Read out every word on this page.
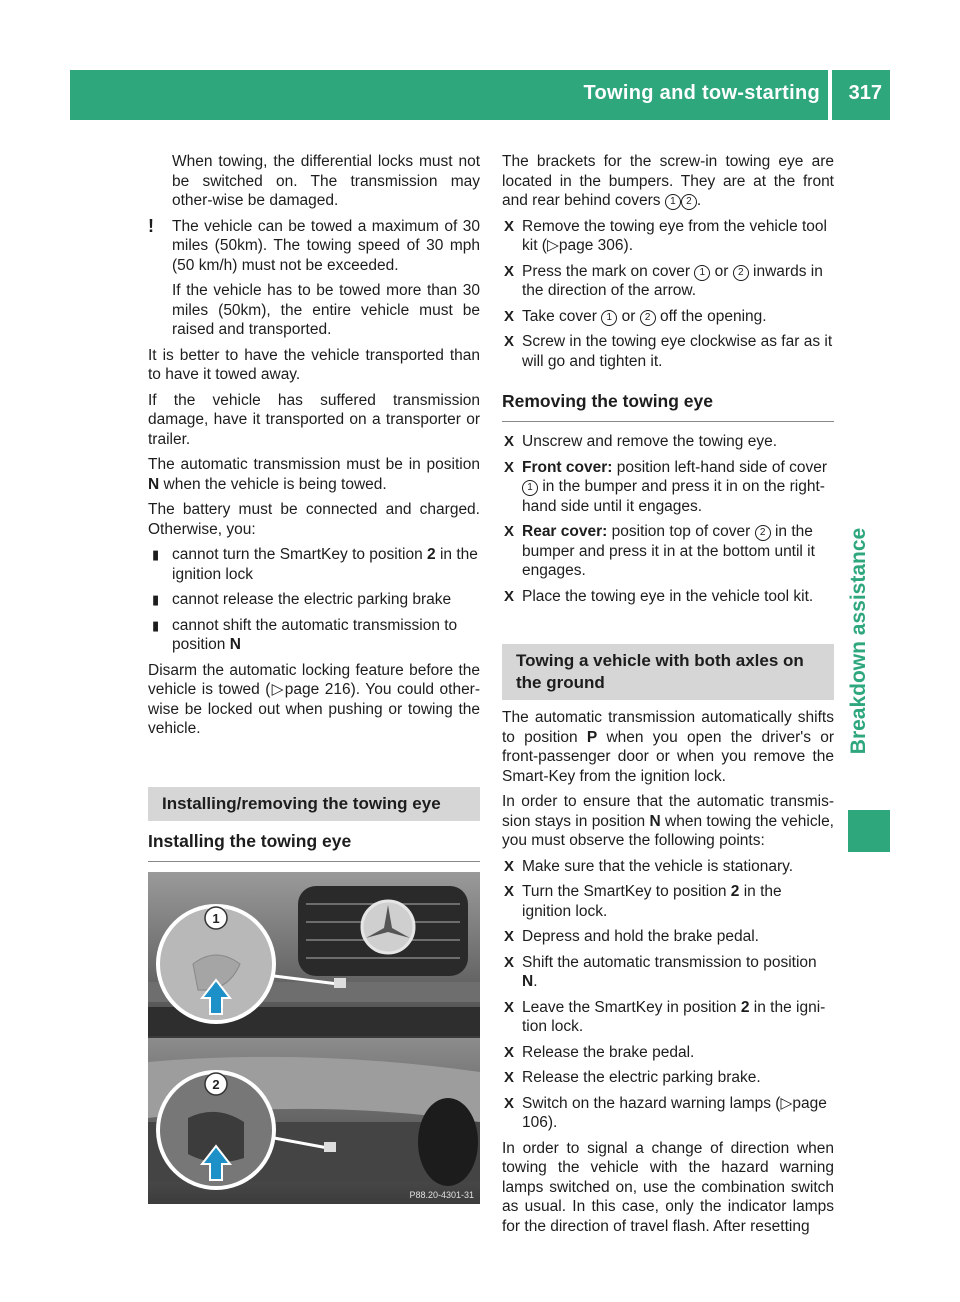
Towing and tow-starting 317
Breakdown assistance

When towing, the differential locks must not be switched on. The transmission may other-wise be damaged.

! The vehicle can be towed a maximum of 30 miles (50km). The towing speed of 30 mph (50 km/h) must not be exceeded.

If the vehicle has to be towed more than 30 miles (50km), the entire vehicle must be raised and transported.

It is better to have the vehicle transported than to have it towed away.

If the vehicle has suffered transmission damage, have it transported on a transporter or trailer.

The automatic transmission must be in position N when the vehicle is being towed.

The battery must be connected and charged. Otherwise, you:

▮ cannot turn the SmartKey to position 2 in the ignition lock
▮ cannot release the electric parking brake
▮ cannot shift the automatic transmission to position N

Disarm the automatic locking feature before the vehicle is towed (▷page 216). You could other-wise be locked out when pushing or towing the vehicle.

Installing/removing the towing eye
Installing the towing eye
1
2
P88.20-4301-31

The brackets for the screw-in towing eye are located in the bumpers. They are at the front and rear behind covers 1 2 .

X Remove the towing eye from the vehicle tool kit (▷page 306).
X Press the mark on cover 1 or 2 inwards in the direction of the arrow.
X Take cover 1 or 2 off the opening.
X Screw in the towing eye clockwise as far as it will go and tighten it.
Removing the towing eye
X Unscrew and remove the towing eye.
X Front cover: position left-hand side of cover 1 in the bumper and press it in on the right-hand side until it engages.
X Rear cover: position top of cover 2 in the bumper and press it in at the bottom until it engages.
X Place the towing eye in the vehicle tool kit.
Towing a vehicle with both axles on the ground

The automatic transmission automatically shifts to position P when you open the driver's or front-passenger door or when you remove the Smart-Key from the ignition lock.

In order to ensure that the automatic transmis-sion stays in position N when towing the vehicle, you must observe the following points:

X Make sure that the vehicle is stationary.
X Turn the SmartKey to position 2 in the ignition lock.
X Depress and hold the brake pedal.
X Shift the automatic transmission to position N.
X Leave the SmartKey in position 2 in the igni-tion lock.
X Release the brake pedal.
X Release the electric parking brake.
X Switch on the hazard warning lamps (▷page 106).

In order to signal a change of direction when towing the vehicle with the hazard warning lamps switched on, use the combination switch as usual. In this case, only the indicator lamps for the direction of travel flash. After resetting
